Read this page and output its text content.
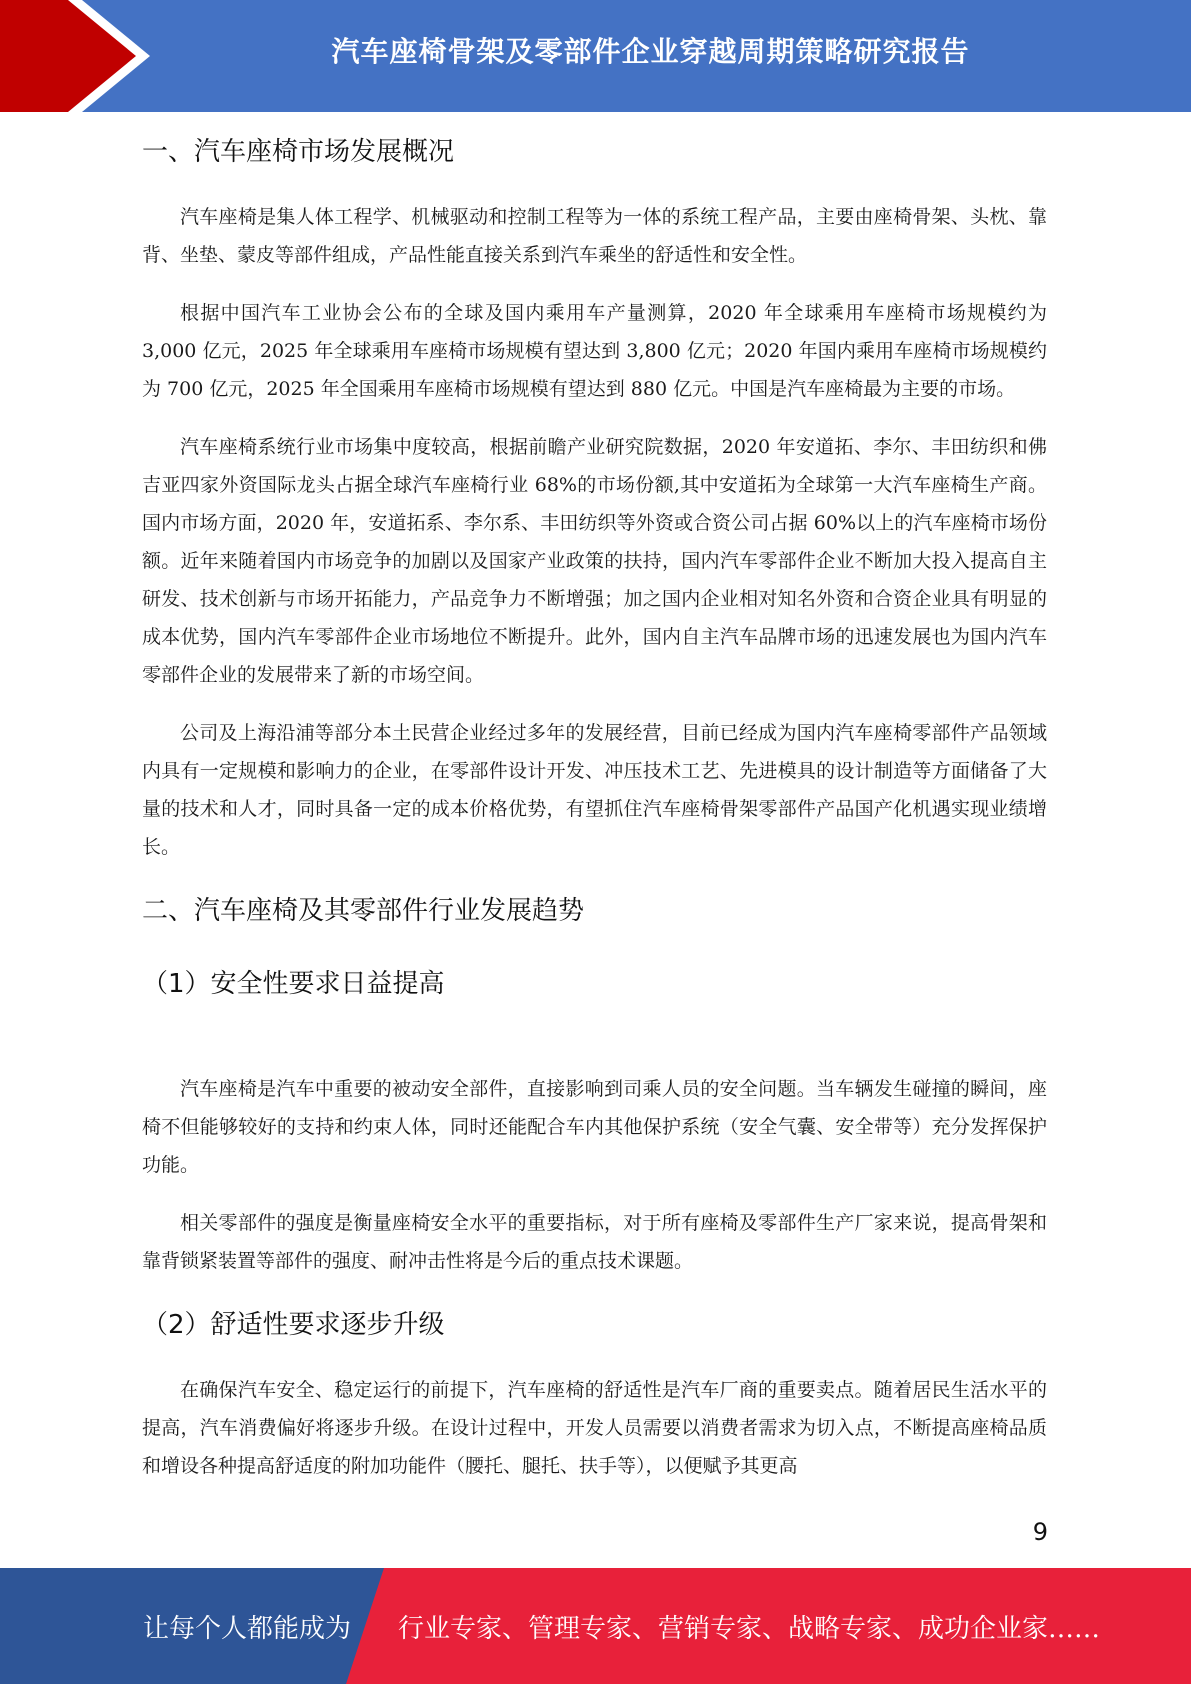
汽车座椅骨架及零部件企业穿越周期策略研究报告
一、汽车座椅市场发展概况

汽车座椅是集人体工程学、机械驱动和控制工程等为一体的系统工程产品，主要由座椅骨架、头枕、靠背、坐垫、蒙皮等部件组成，产品性能直接关系到汽车乘坐的舒适性和安全性。

根据中国汽车工业协会公布的全球及国内乘用车产量测算，2020 年全球乘用车座椅市场规模约为 3,000 亿元，2025 年全球乘用车座椅市场规模有望达到 3,800 亿元；2020 年国内乘用车座椅市场规模约为 700 亿元，2025 年全国乘用车座椅市场规模有望达到 880 亿元。中国是汽车座椅最为主要的市场。

汽车座椅系统行业市场集中度较高，根据前瞻产业研究院数据，2020 年安道拓、李尔、丰田纺织和佛吉亚四家外资国际龙头占据全球汽车座椅行业 68%的市场份额,其中安道拓为全球第一大汽车座椅生产商。国内市场方面，2020 年，安道拓系、李尔系、丰田纺织等外资或合资公司占据 60%以上的汽车座椅市场份额。近年来随着国内市场竞争的加剧以及国家产业政策的扶持，国内汽车零部件企业不断加大投入提高自主研发、技术创新与市场开拓能力，产品竞争力不断增强；加之国内企业相对知名外资和合资企业具有明显的成本优势，国内汽车零部件企业市场地位不断提升。此外，国内自主汽车品牌市场的迅速发展也为国内汽车零部件企业的发展带来了新的市场空间。

公司及上海沿浦等部分本土民营企业经过多年的发展经营，目前已经成为国内汽车座椅零部件产品领域内具有一定规模和影响力的企业，在零部件设计开发、冲压技术工艺、先进模具的设计制造等方面储备了大量的技术和人才，同时具备一定的成本价格优势，有望抓住汽车座椅骨架零部件产品国产化机遇实现业绩增长。

二、汽车座椅及其零部件行业发展趋势
（1）安全性要求日益提高

汽车座椅是汽车中重要的被动安全部件，直接影响到司乘人员的安全问题。当车辆发生碰撞的瞬间，座椅不但能够较好的支持和约束人体，同时还能配合车内其他保护系统（安全气囊、安全带等）充分发挥保护功能。

相关零部件的强度是衡量座椅安全水平的重要指标，对于所有座椅及零部件生产厂家来说，提高骨架和靠背锁紧装置等部件的强度、耐冲击性将是今后的重点技术课题。

（2）舒适性要求逐步升级

在确保汽车安全、稳定运行的前提下，汽车座椅的舒适性是汽车厂商的重要卖点。随着居民生活水平的提高，汽车消费偏好将逐步升级。在设计过程中，开发人员需要以消费者需求为切入点，不断提高座椅品质和增设各种提高舒适度的附加功能件（腰托、腿托、扶手等），以便赋予其更高

9
让每个人都能成为 行业专家、管理专家、营销专家、战略专家、成功企业家……
